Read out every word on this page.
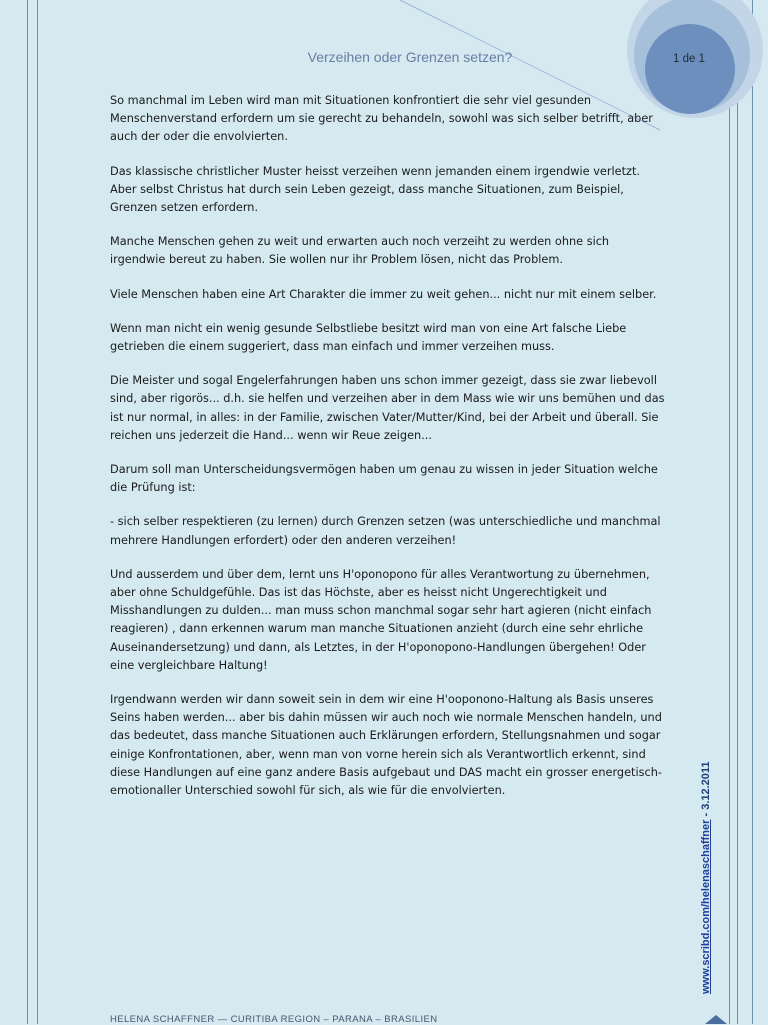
1 de 1
Verzeihen oder Grenzen setzen?

So manchmal im Leben wird man mit Situationen konfrontiert die sehr viel gesunden Menschenverstand erfordern um sie gerecht zu behandeln, sowohl was sich selber betrifft, aber auch der oder die envolvierten.

Das klassische christlicher Muster heisst verzeihen wenn jemanden einem irgendwie verletzt. Aber selbst Christus hat durch sein Leben gezeigt, dass manche Situationen, zum Beispiel, Grenzen setzen erfordern.

Manche Menschen gehen zu weit und erwarten auch noch verzeiht zu werden ohne sich irgendwie bereut zu haben. Sie wollen nur ihr Problem lösen, nicht das Problem.

Viele Menschen haben eine Art Charakter die immer zu weit gehen... nicht nur mit einem selber.

Wenn man nicht ein wenig gesunde Selbstliebe besitzt wird man von eine Art falsche Liebe getrieben die einem suggeriert, dass man einfach und immer verzeihen muss.

Die Meister und sogal Engelerfahrungen haben uns schon immer gezeigt, dass sie zwar liebevoll sind, aber rigorös... d.h. sie helfen und verzeihen aber in dem Mass wie wir uns bemühen und das ist nur normal, in alles: in der Familie, zwischen Vater/Mutter/Kind, bei der Arbeit und überall. Sie reichen uns jederzeit die Hand... wenn wir Reue zeigen...

Darum soll man Unterscheidungsvermögen haben um genau zu wissen in jeder Situation welche die Prüfung ist:

- sich selber respektieren (zu lernen) durch Grenzen setzen (was unterschiedliche und manchmal mehrere Handlungen erfordert) oder den anderen verzeihen!

Und ausserdem und über dem, lernt uns H'oponopono für alles Verantwortung zu übernehmen, aber ohne Schuldgefühle. Das ist das Höchste, aber es heisst nicht Ungerechtigkeit und Misshandlungen zu dulden... man muss schon manchmal sogar sehr hart agieren (nicht einfach reagieren) , dann erkennen warum man manche Situationen anzieht (durch eine sehr ehrliche Auseinandersetzung) und dann, als Letztes, in der H'oponopono-Handlungen übergehen! Oder eine vergleichbare Haltung!

Irgendwann werden wir dann soweit sein in dem wir eine H'ooponono-Haltung als Basis unseres Seins haben werden... aber bis dahin müssen wir auch noch wie normale Menschen handeln, und das bedeutet, dass manche Situationen auch Erklärungen erfordern, Stellungsnahmen und sogar einige Konfrontationen, aber, wenn man von vorne herein sich als Verantwortlich erkennt, sind diese Handlungen auf eine ganz andere Basis aufgebaut und DAS macht ein grosser energetisch-emotionaller Unterschied sowohl für sich, als wie für die envolvierten.

www.scribd.com/helenaschaffner - 3.12.2011
HELENA SCHAFFNER — CURITIBA REGION – PARANA – BRASILIEN
